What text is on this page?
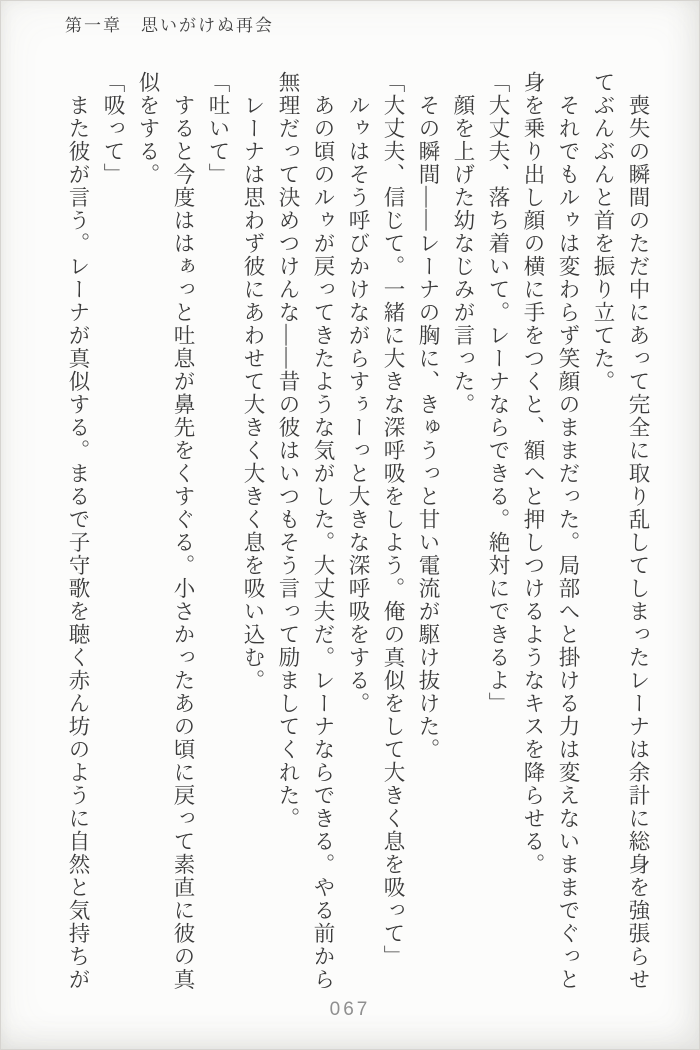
第一章　思いがけぬ再会

　喪失の瞬間のただ中にあって完全に取り乱してしまったレーナは余計に総身を強張らせ

てぶんぶんと首を振り立てた。

　それでもルゥは変わらず笑顔のままだった。局部へと掛ける力は変えないままでぐっと

身を乗り出し顔の横に手をつくと、額へと押しつけるようなキスを降らせる。

「大丈夫、落ち着いて。レーナならできる。絶対にできるよ」

　顔を上げた幼なじみが言った。

　その瞬間――レーナの胸に、きゅうっと甘い電流が駆け抜けた。

「大丈夫、信じて。一緒に大きな深呼吸をしよう。俺の真似をして大きく息を吸って」

　ルゥはそう呼びかけながらすぅーっと大きな深呼吸をする。

　あの頃のルゥが戻ってきたような気がした。大丈夫だ。レーナならできる。やる前から

無理だって決めつけんな――昔の彼はいつもそう言って励ましてくれた。

　レーナは思わず彼にあわせて大きく大きく息を吸い込む。

「吐いて」

　すると今度ははぁっと吐息が鼻先をくすぐる。小さかったあの頃に戻って素直に彼の真

似をする。

「吸って」

　また彼が言う。レーナが真似する。まるで子守歌を聴く赤ん坊のように自然と気持ちが

067
